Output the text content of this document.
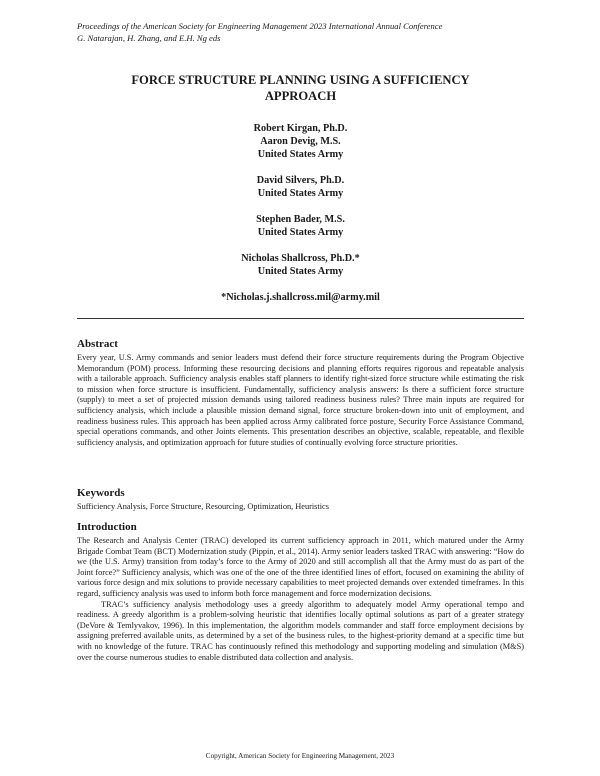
Proceedings of the American Society for Engineering Management 2023 International Annual Conference
G. Natarajan, H. Zhang, and E.H. Ng eds
FORCE STRUCTURE PLANNING USING A SUFFICIENCY
APPROACH
Robert Kirgan, Ph.D.
Aaron Devig, M.S.
United States Army
David Silvers, Ph.D.
United States Army
Stephen Bader, M.S.
United States Army
Nicholas Shallcross, Ph.D.*
United States Army
*Nicholas.j.shallcross.mil@army.mil
Abstract

Every year, U.S. Army commands and senior leaders must defend their force structure requirements during the Program Objective Memorandum (POM) process. Informing these resourcing decisions and planning efforts requires rigorous and repeatable analysis with a tailorable approach. Sufficiency analysis enables staff planners to identify right-sized force structure while estimating the risk to mission when force structure is insufficient. Fundamentally, sufficiency analysis answers: Is there a sufficient force structure (supply) to meet a set of projected mission demands using tailored readiness business rules? Three main inputs are required for sufficiency analysis, which include a plausible mission demand signal, force structure broken-down into unit of employment, and readiness business rules. This approach has been applied across Army calibrated force posture, Security Force Assistance Command, special operations commands, and other Joints elements. This presentation describes an objective, scalable, repeatable, and flexible sufficiency analysis, and optimization approach for future studies of continually evolving force structure priorities.

Keywords

Sufficiency Analysis, Force Structure, Resourcing, Optimization, Heuristics

Introduction

The Research and Analysis Center (TRAC) developed its current sufficiency approach in 2011, which matured under the Army Brigade Combat Team (BCT) Modernization study (Pippin, et al., 2014). Army senior leaders tasked TRAC with answering: “How do we (the U.S. Army) transition from today’s force to the Army of 2020 and still accomplish all that the Army must do as part of the Joint force?” Sufficiency analysis, which was one of the one of the three identified lines of effort, focused on examining the ability of various force design and mix solutions to provide necessary capabilities to meet projected demands over extended timeframes. In this regard, sufficiency analysis was used to inform both force management and force modernization decisions.

TRAC’s sufficiency analysis methodology uses a greedy algorithm to adequately model Army operational tempo and readiness. A greedy algorithm is a problem-solving heuristic that identifies locally optimal solutions as part of a greater strategy (DeVore & Temlyvakov, 1996). In this implementation, the algorithm models commander and staff force employment decisions by assigning preferred available units, as determined by a set of the business rules, to the highest-priority demand at a specific time but with no knowledge of the future. TRAC has continuously refined this methodology and supporting modeling and simulation (M&S) over the course numerous studies to enable distributed data collection and analysis.

Copyright, American Society for Engineering Management, 2023
